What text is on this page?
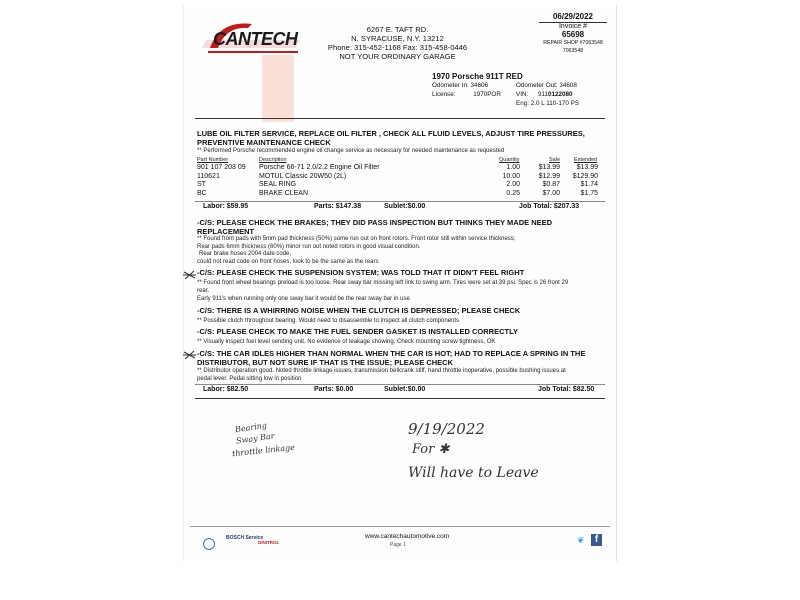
CANTECH	6267 E. TAFT RD.
N. SYRACUSE, N.Y. 13212
Phone: 315-452-1168 Fax: 315-458-0446
NOT YOUR ORDINARY GARAGE
06/29/2022
Invoice #
65698
REPAIR SHOP #7063548
7063548
1970 Porsche 911T RED
Odometer In: 34606	Odometer Out: 34608
License:	1970POR VIN: 9110122080
Eng: 2.0 L 110-170 PS
LUBE OIL FILTER SERVICE, REPLACE OIL FILTER , CHECK ALL FLUID LEVELS, ADJUST TIRE PRESSURES, PREVENTIVE MAINTENANCE CHECK
** Performed Porsche recommended engine oil change service as necessary for needed maintenance as requested
Part Number	Description	Quantity	Sale	Extended
901 107 203 09	Porsche 66-71 2.0/2.2 Engine Oil Filter	1.00	$13.99	$13.99
110621	MOTUL Classic 20W50 (2L)	10.00	$12.99	$129.90
ST	SEAL RING	2.00	$0.87	$1.74
BC	BRAKE CLEAN	0.25	$7.00	$1.75
Labor: $59.95	Parts: $147.38	Sublet:$0.00	Job Total: $207.33
-C/S: PLEASE CHECK THE BRAKES; THEY DID PASS INSPECTION BUT THINKS THEY MADE NEED REPLACEMENT
** Found front pads with 5mm pad thickness (50%) some run out on front rotors. Front rotor still within service thickness;
Rear pads 6mm thickness (60%) minor run out noted rotors in good visual condition.
Rear brake hoses 2004 date code,
could not read code on front hoses, look to be the same as the rears
-C/S: PLEASE CHECK THE SUSPENSION SYSTEM; WAS TOLD THAT IT DIDN'T FEEL RIGHT
** Found front wheel bearings preload is too loose. Rear sway bar missing left link to swing arm. Tires were set at 39 psi. Spec is 26 front 29
rear.
Early 911's when running only one sway bar it would be the rear sway bar in use
-C/S: THERE IS A WHIRRING NOISE WHEN THE CLUTCH IS DEPRESSED; PLEASE CHECK
** Possible clutch throughout bearing. Would need to disassemble to inspect all clutch components
-C/S: PLEASE CHECK TO MAKE THE FUEL SENDER GASKET IS INSTALLED CORRECTLY
** Visually inspect fuel level sending unit. No evidence of leakage showing. Check mounting screw tightness, OK
-C/S: THE CAR IDLES HIGHER THAN NORMAL WHEN THE CAR IS HOT; HAD TO REPLACE A SPRING IN THE DISTRIBUTOR, BUT NOT SURE IF THAT IS THE ISSUE; PLEASE CHECK
** Distributor operation good. Noted throttle linkage issues, transmission bellcrank stiff, hand throttle inoperative, possible bushing issues at
pedal lever. Pedal sitting low in position
Labor: $82.50	Parts: $0.00	Sublet:$0.00	Job Total: $82.50
Bearing
Sway Bar
throttle linkage
9/19/2022
For ✱
Will have to Leave
BOSCH Service
DINITROL
www.cantechautomotive.com
Page 1	❦	f
